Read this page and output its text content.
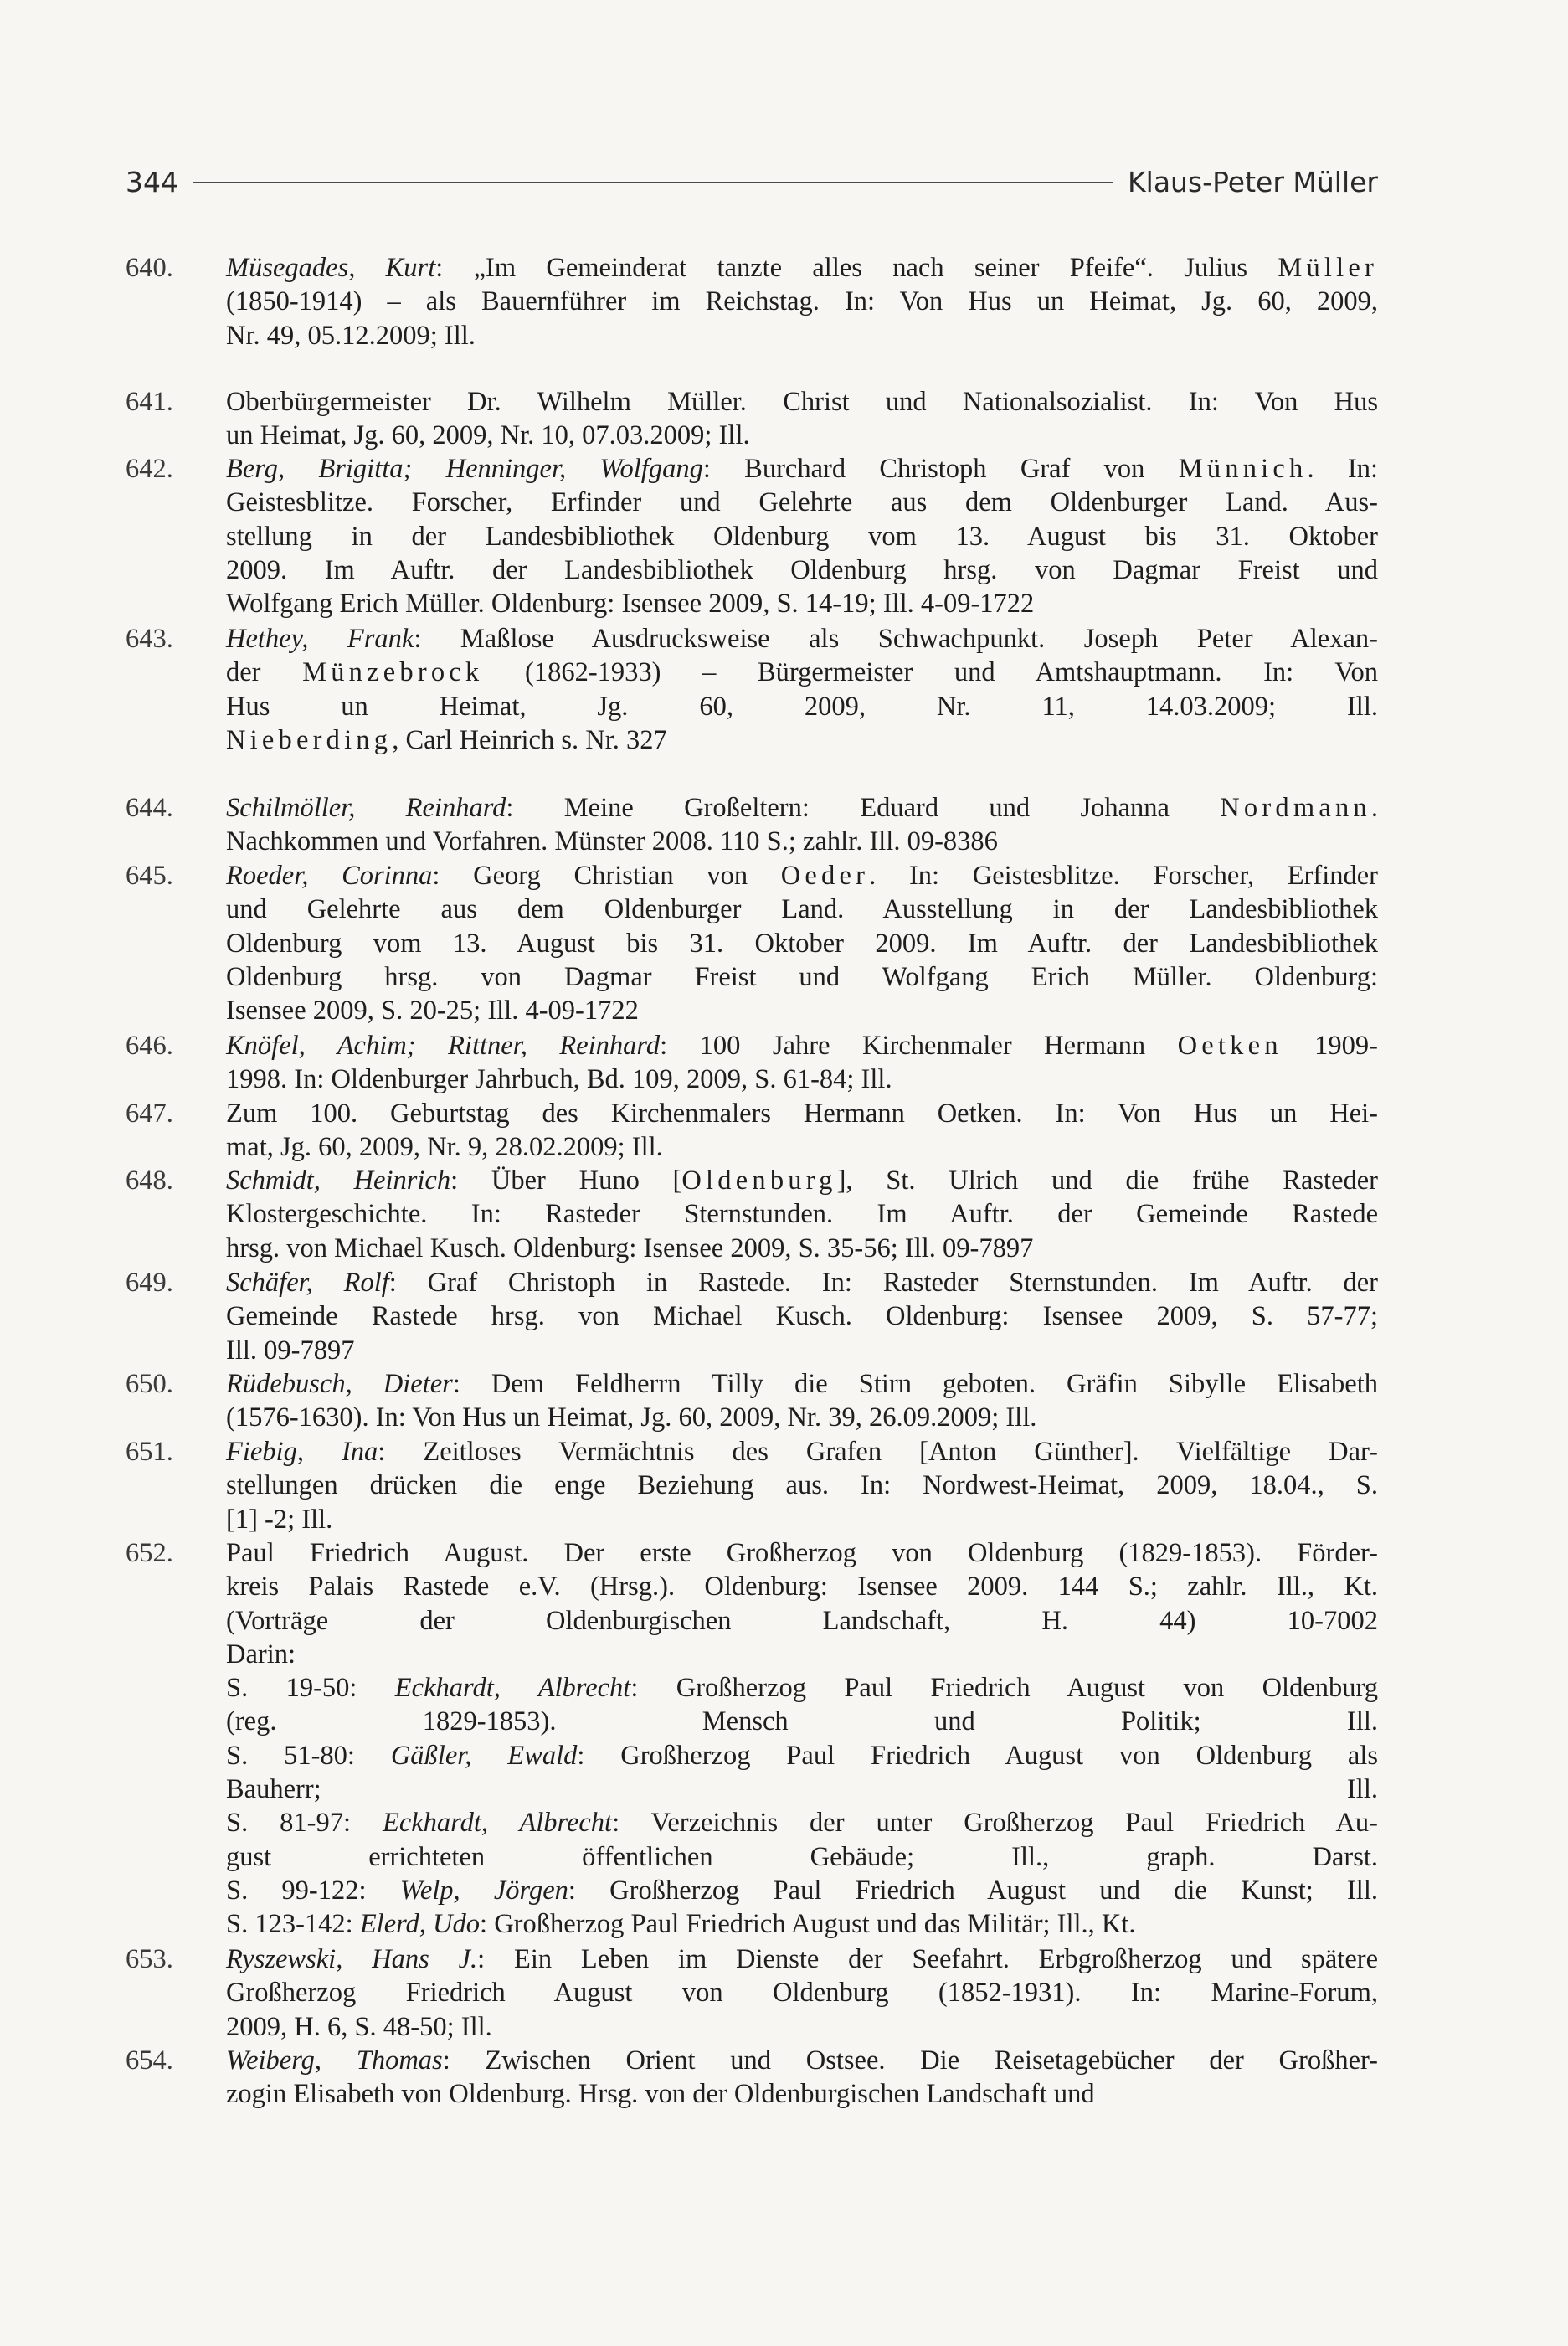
344	Klaus-Peter Müller
640.	Müsegades, Kurt: „Im Gemeinderat tanzte alles nach seiner Pfeife“. Julius Müller
(1850-1914) – als Bauernführer im Reichstag. In: Von Hus un Heimat, Jg. 60, 2009,
Nr. 49, 05.12.2009; Ill.
641.	Oberbürgermeister Dr. Wilhelm Müller. Christ und Nationalsozialist. In: Von Hus
un Heimat, Jg. 60, 2009, Nr. 10, 07.03.2009; Ill.
642.	Berg, Brigitta; Henninger, Wolfgang: Burchard Christoph Graf von Münnich. In:
Geistesblitze. Forscher, Erfinder und Gelehrte aus dem Oldenburger Land. Aus-
stellung in der Landesbibliothek Oldenburg vom 13. August bis 31. Oktober
2009. Im Auftr. der Landesbibliothek Oldenburg hrsg. von Dagmar Freist und
Wolfgang Erich Müller. Oldenburg: Isensee 2009, S. 14-19; Ill. 4-09-1722
643.	Hethey, Frank: Maßlose Ausdrucksweise als Schwachpunkt. Joseph Peter Alexan-
der Münzebrock (1862-1933) – Bürgermeister und Amtshauptmann. In: Von
Hus un Heimat, Jg. 60, 2009, Nr. 11, 14.03.2009; Ill.
Nieberding, Carl Heinrich s. Nr. 327
644.	Schilmöller, Reinhard: Meine Großeltern: Eduard und Johanna Nordmann.
Nachkommen und Vorfahren. Münster 2008. 110 S.; zahlr. Ill. 09-8386
645.	Roeder, Corinna: Georg Christian von Oeder. In: Geistesblitze. Forscher, Erfinder
und Gelehrte aus dem Oldenburger Land. Ausstellung in der Landesbibliothek
Oldenburg vom 13. August bis 31. Oktober 2009. Im Auftr. der Landesbibliothek
Oldenburg hrsg. von Dagmar Freist und Wolfgang Erich Müller. Oldenburg:
Isensee 2009, S. 20-25; Ill. 4-09-1722
646.	Knöfel, Achim; Rittner, Reinhard: 100 Jahre Kirchenmaler Hermann Oetken 1909-
1998. In: Oldenburger Jahrbuch, Bd. 109, 2009, S. 61-84; Ill.
647.	Zum 100. Geburtstag des Kirchenmalers Hermann Oetken. In: Von Hus un Hei-
mat, Jg. 60, 2009, Nr. 9, 28.02.2009; Ill.
648.	Schmidt, Heinrich: Über Huno [Oldenburg], St. Ulrich und die frühe Rasteder
Klostergeschichte. In: Rasteder Sternstunden. Im Auftr. der Gemeinde Rastede
hrsg. von Michael Kusch. Oldenburg: Isensee 2009, S. 35-56; Ill. 09-7897
649.	Schäfer, Rolf: Graf Christoph in Rastede. In: Rasteder Sternstunden. Im Auftr. der
Gemeinde Rastede hrsg. von Michael Kusch. Oldenburg: Isensee 2009, S. 57-77;
Ill. 09-7897
650.	Rüdebusch, Dieter: Dem Feldherrn Tilly die Stirn geboten. Gräfin Sibylle Elisabeth
(1576-1630). In: Von Hus un Heimat, Jg. 60, 2009, Nr. 39, 26.09.2009; Ill.
651.	Fiebig, Ina: Zeitloses Vermächtnis des Grafen [Anton Günther]. Vielfältige Dar-
stellungen drücken die enge Beziehung aus. In: Nordwest-Heimat, 2009, 18.04., S.
[1] -2; Ill.
652.	Paul Friedrich August. Der erste Großherzog von Oldenburg (1829-1853). Förder-
kreis Palais Rastede e.V. (Hrsg.). Oldenburg: Isensee 2009. 144 S.; zahlr. Ill., Kt.
(Vorträge der Oldenburgischen Landschaft, H. 44) 10-7002
Darin:
S. 19-50: Eckhardt, Albrecht: Großherzog Paul Friedrich August von Oldenburg
(reg. 1829-1853). Mensch und Politik; Ill.
S. 51-80: Gäßler, Ewald: Großherzog Paul Friedrich August von Oldenburg als
Bauherr; Ill.
S. 81-97: Eckhardt, Albrecht: Verzeichnis der unter Großherzog Paul Friedrich Au-
gust errichteten öffentlichen Gebäude; Ill., graph. Darst.
S. 99-122: Welp, Jörgen: Großherzog Paul Friedrich August und die Kunst; Ill.
S. 123-142: Elerd, Udo: Großherzog Paul Friedrich August und das Militär; Ill., Kt.
653.	Ryszewski, Hans J.: Ein Leben im Dienste der Seefahrt. Erbgroßherzog und spätere
Großherzog Friedrich August von Oldenburg (1852-1931). In: Marine-Forum,
2009, H. 6, S. 48-50; Ill.
654.	Weiberg, Thomas: Zwischen Orient und Ostsee. Die Reisetagebücher der Großher-
zogin Elisabeth von Oldenburg. Hrsg. von der Oldenburgischen Landschaft und
